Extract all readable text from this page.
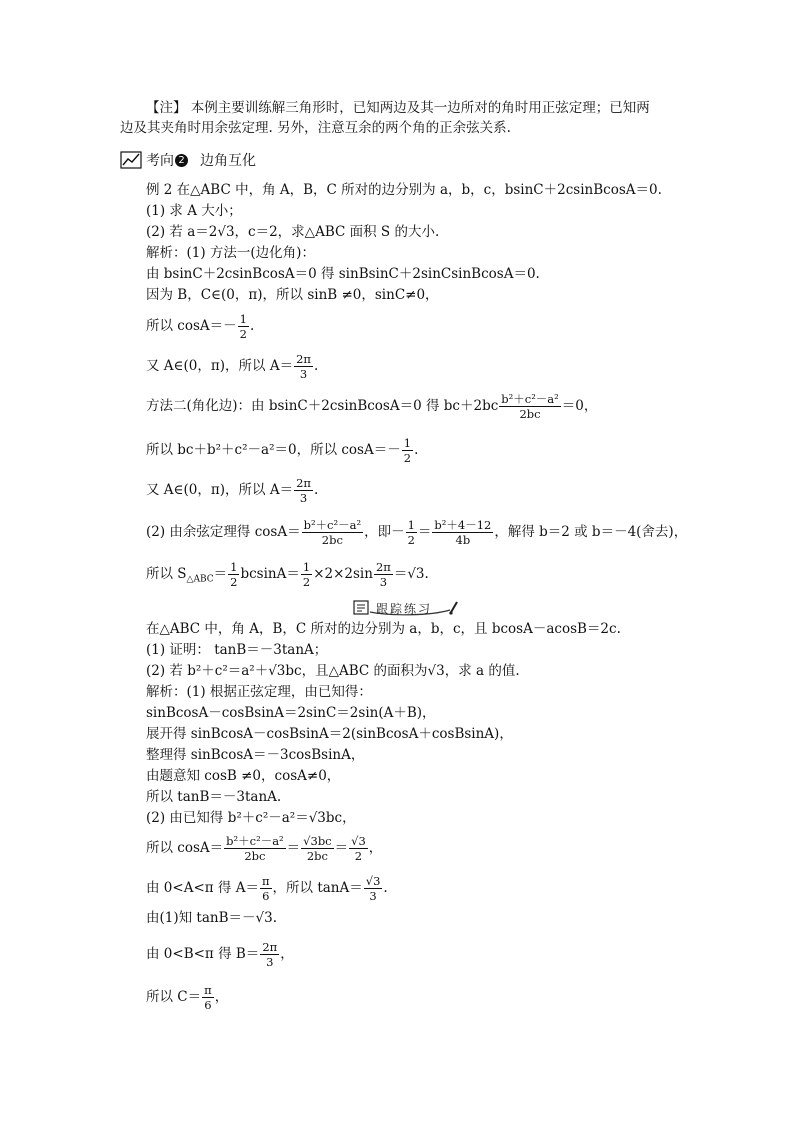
【注】 本例主要训练解三角形时，已知两边及其一边所对的角时用正弦定理；已知两
边及其夹角时用余弦定理. 另外，注意互余的两个角的正余弦关系.
考向 2 边角互化
例 2 在△ABC 中，角 A，B，C 所对的边分别为 a，b，c，bsinC＋2csinBcosA＝0.
(1) 求 A 大小；
(2) 若 a＝2√3，c＝2，求△ABC 面积 S 的大小.
解析：(1) 方法一(边化角)：
由 bsinC＋2csinBcosA＝0 得 sinBsinC＋2sinCsinBcosA＝0.
因为 B，C∈(0，π)，所以 sinB ≠0，sinC≠0，
所以 $\cos A=- \frac{1}{2}$ .
又 A∈(0，π)，所以 $A= \frac{2\pi}{3}$ .
方法二(角化边)：由 bsinC＋2csinBcosA＝0 得 $bc+2bc \frac{\text{b²＋c²－a²}}{2bc} =0$，
所以 bc＋b²＋c²－a²＝0，所以 $\cos A=- \frac{1}{2}$ .
又 A∈(0，π)，所以 $A= \frac{2\pi}{3}$ .
(2) 由余弦定理得 $\cos A= \frac{\text{b²＋c²－a²}}{2bc}$ ，即－ $\frac{1}{2} = \frac{\text{b²＋4－12}}{4b}$ ，解得 b＝2 或 b＝－4(舍去)，
所以 $S_{\triangle ABC}= \frac{1}{2} bcsinA= \frac{1}{2} \times 2\times 2\sin \frac{2\pi}{3} =√3$.
跟踪练习
在△ABC 中，角 A，B，C 所对的边分别为 a，b，c，且 bcosA－acosB＝2c.
(1) 证明： tanB＝－3tanA；
(2) 若 b²＋c²＝a²＋√3bc，且△ABC 的面积为√3，求 a 的值.
解析：(1) 根据正弦定理，由已知得：
sinBcosA－cosBsinA＝2sinC＝2sin(A＋B)，
展开得 sinBcosA－cosBsinA＝2(sinBcosA＋cosBsinA)，
整理得 sinBcosA＝－3cosBsinA，
由题意知 cosB ≠0，cosA≠0，
所以 tanB＝－3tanA.
(2) 由已知得 b²＋c²－a²＝√3bc，
所以 $\cos A= \frac{\text{b²＋c²－a²}}{2bc} = \frac{√3bc}{2bc} = \frac{√3}{2}$ ，
由 0<A<π 得 $A= \frac{\pi}{6}$ ，所以 $\tan A= \frac{√3}{3}$ .
由(1)知 tanB＝－√3.
由 0<B<π 得 $B= \frac{2\pi}{3}$ ，
所以 $C= \frac{\pi}{6}$ ，
